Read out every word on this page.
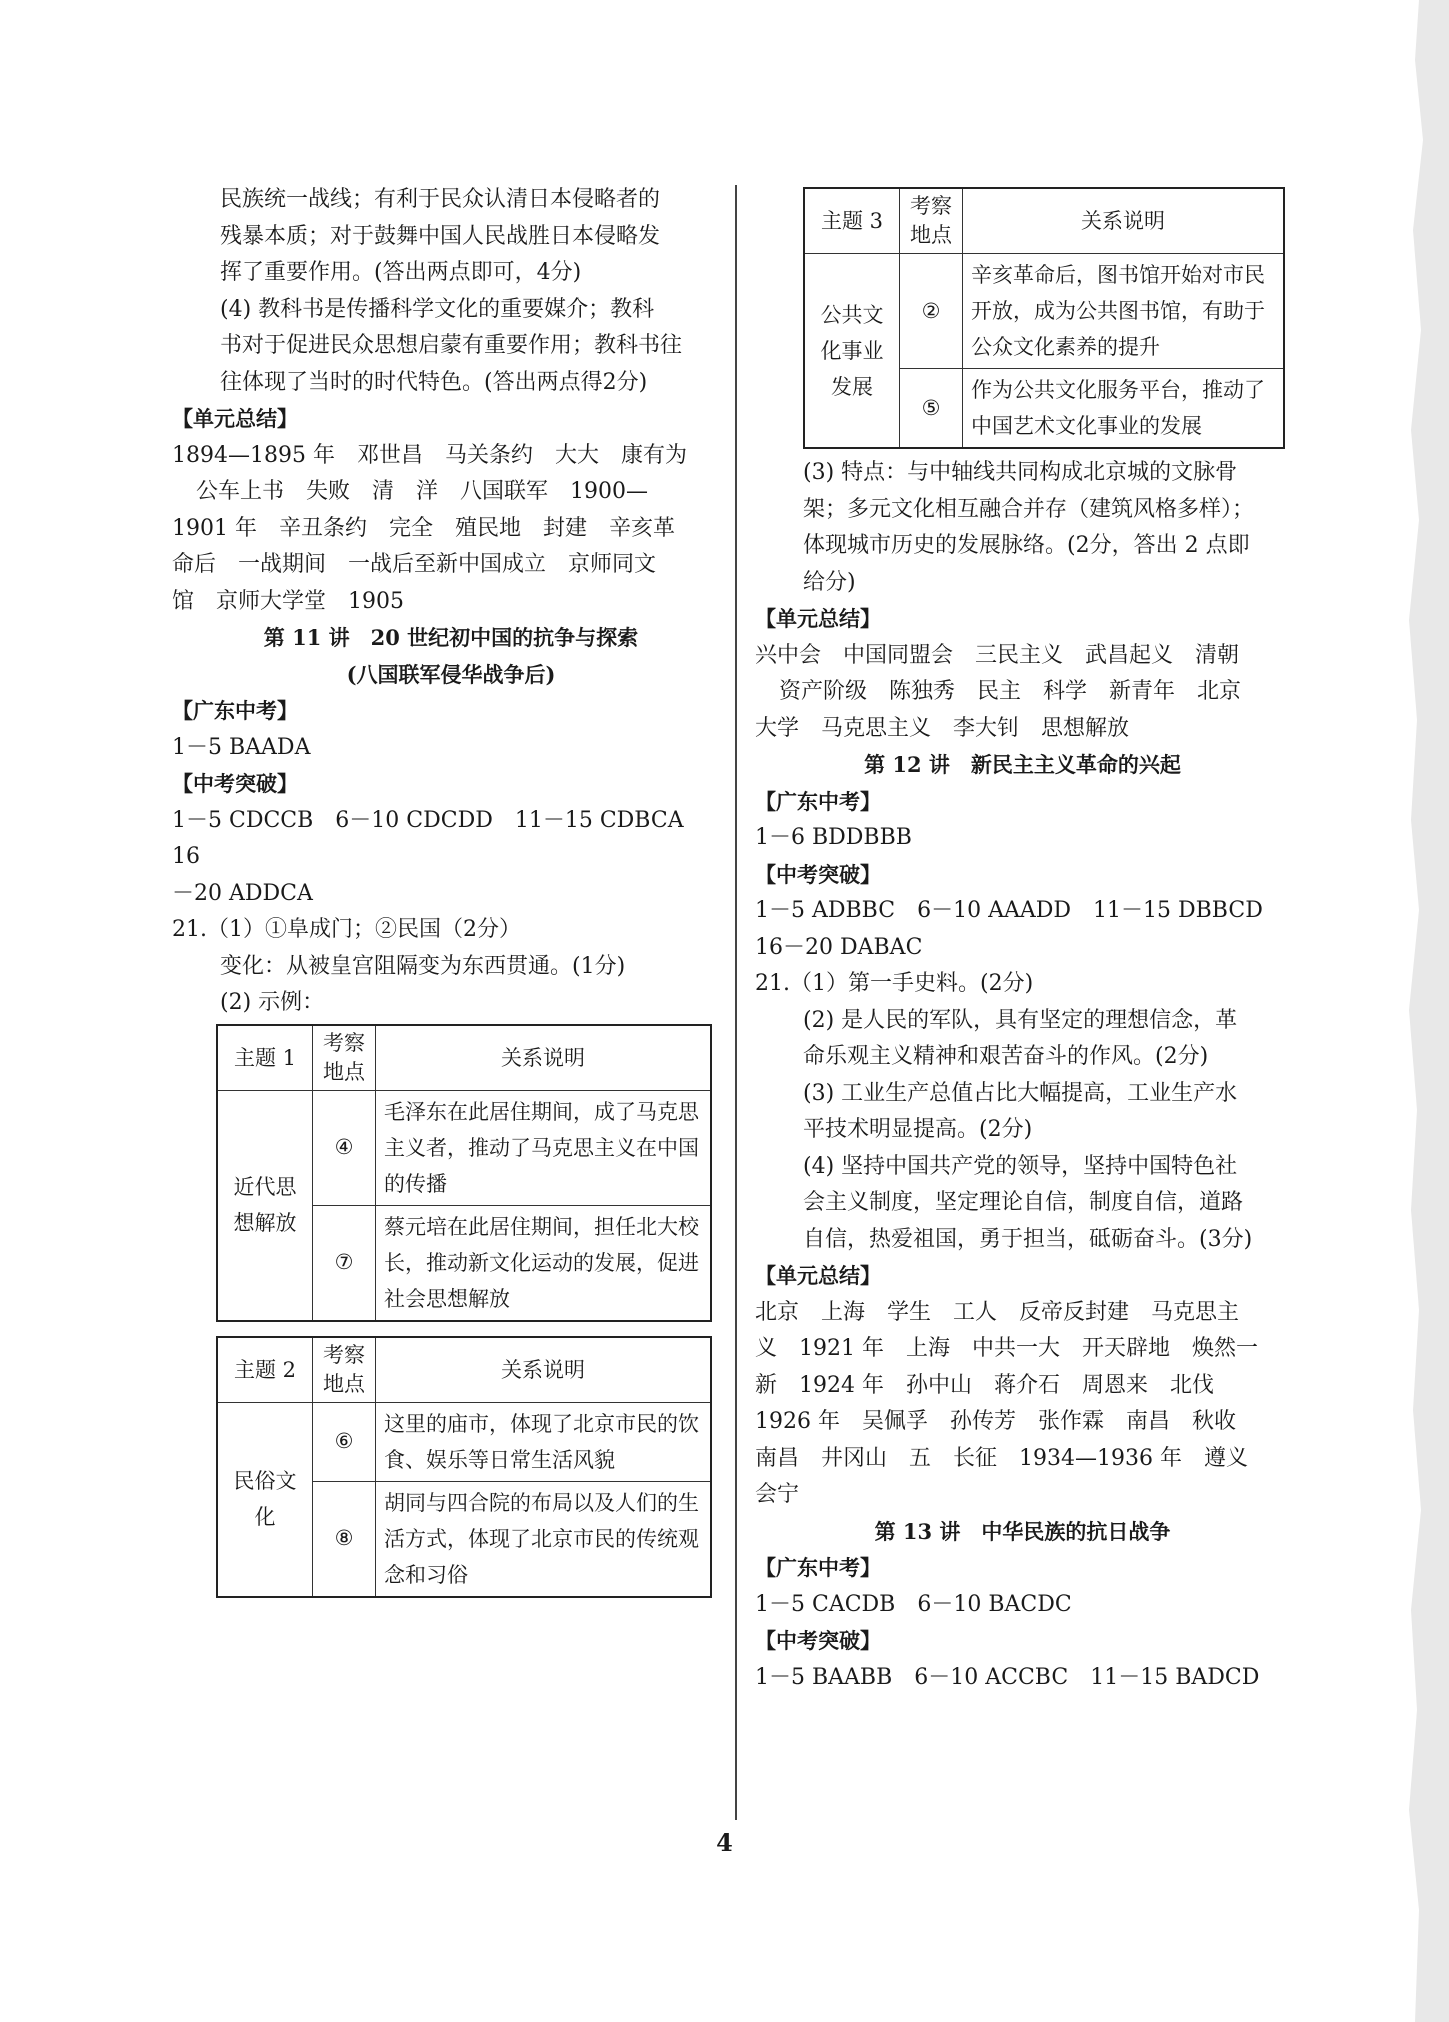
民族统一战线；有利于民众认清日本侵略者的

残暴本质；对于鼓舞中国人民战胜日本侵略发

挥了重要作用。(答出两点即可，4分)

(4) 教科书是传播科学文化的重要媒介；教科

书对于促进民众思想启蒙有重要作用；教科书往

往体现了当时的时代特色。(答出两点得2分)

【单元总结】

1894—1895 年　邓世昌　马关条约　大大　康有为

公车上书　失败　清　洋　八国联军　1900—

1901 年　辛丑条约　完全　殖民地　封建　辛亥革

命后　一战期间　一战后至新中国成立　京师同文

馆　京师大学堂　1905

第 11 讲　20 世纪初中国的抗争与探索

(八国联军侵华战争后)

【广东中考】

1－5 BAADA

【中考突破】

1－5 CDCCB　6－10 CDCDD　11－15 CDBCA　16

－20 ADDCA

21.（1）①阜成门；②民国（2分）

变化：从被皇宫阻隔变为东西贯通。(1分)

(2) 示例：

主题 1	考察地点	关系说明
近代思想解放	④	毛泽东在此居住期间，成了马克思主义者，推动了马克思主义在中国的传播
	⑦	蔡元培在此居住期间，担任北大校长，推动新文化运动的发展，促进社会思想解放
主题 2	考察地点	关系说明
民俗文化	⑥	这里的庙市，体现了北京市民的饮食、娱乐等日常生活风貌
	⑧	胡同与四合院的布局以及人们的生活方式，体现了北京市民的传统观念和习俗
主题 3	考察地点	关系说明
公共文化事业发展	②	辛亥革命后，图书馆开始对市民开放，成为公共图书馆，有助于公众文化素养的提升
	⑤	作为公共文化服务平台，推动了中国艺术文化事业的发展

(3) 特点：与中轴线共同构成北京城的文脉骨

架；多元文化相互融合并存（建筑风格多样）；

体现城市历史的发展脉络。(2分，答出 2 点即

给分)

【单元总结】

兴中会　中国同盟会　三民主义　武昌起义　清朝

资产阶级　陈独秀　民主　科学　新青年　北京

大学　马克思主义　李大钊　思想解放

第 12 讲　新民主主义革命的兴起

【广东中考】

1－6 BDDBBB

【中考突破】

1－5 ADBBC　6－10 AAADD　11－15 DBBCD

16－20 DABAC

21.（1）第一手史料。(2分)

(2) 是人民的军队，具有坚定的理想信念，革

命乐观主义精神和艰苦奋斗的作风。(2分)

(3) 工业生产总值占比大幅提高，工业生产水

平技术明显提高。(2分)

(4) 坚持中国共产党的领导，坚持中国特色社

会主义制度，坚定理论自信，制度自信，道路

自信，热爱祖国，勇于担当，砥砺奋斗。(3分)

【单元总结】

北京　上海　学生　工人　反帝反封建　马克思主

义　1921 年　上海　中共一大　开天辟地　焕然一

新　1924 年　孙中山　蒋介石　周恩来　北伐

1926 年　吴佩孚　孙传芳　张作霖　南昌　秋收

南昌　井冈山　五　长征　1934—1936 年　遵义

会宁

第 13 讲　中华民族的抗日战争

【广东中考】

1－5 CACDB　6－10 BACDC

【中考突破】

1－5 BAABB　6－10 ACCBC　11－15 BADCD

4
